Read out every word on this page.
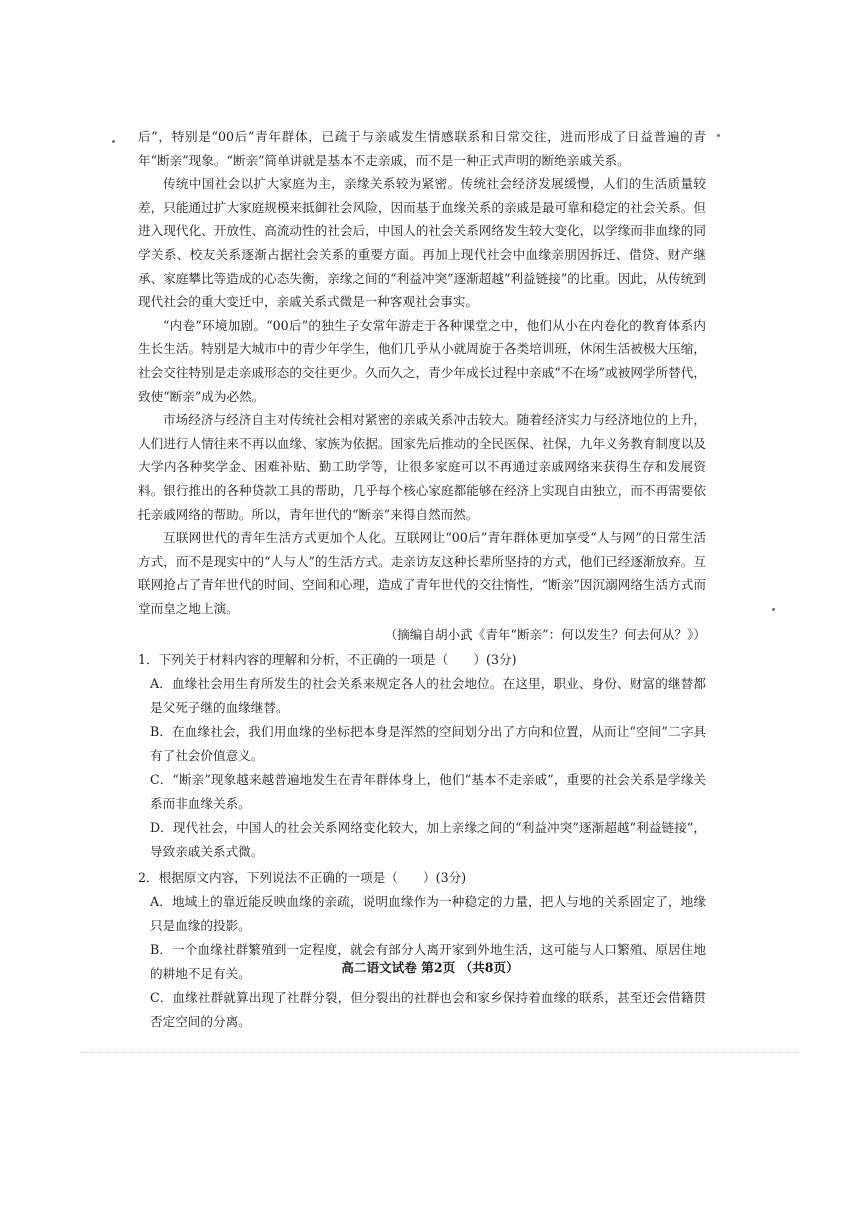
后”，特别是“00后”青年群体，已疏于与亲戚发生情感联系和日常交往，进而形成了日益普遍的青年“断亲”现象。“断亲”简单讲就是基本不走亲戚，而不是一种正式声明的断绝亲戚关系。

传统中国社会以扩大家庭为主，亲缘关系较为紧密。传统社会经济发展缓慢，人们的生活质量较差，只能通过扩大家庭规模来抵御社会风险，因而基于血缘关系的亲戚是最可靠和稳定的社会关系。但进入现代化、开放性、高流动性的社会后，中国人的社会关系网络发生较大变化，以学缘而非血缘的同学关系、校友关系逐渐占据社会关系的重要方面。再加上现代社会中血缘亲朋因拆迁、借贷、财产继承、家庭攀比等造成的心态失衡，亲缘之间的“利益冲突”逐渐超越“利益链接”的比重。因此，从传统到现代社会的重大变迁中，亲戚关系式微是一种客观社会事实。

“内卷”环境加剧。“00后”的独生子女常年游走于各种课堂之中，他们从小在内卷化的教育体系内生长生活。特别是大城市中的青少年学生，他们几乎从小就周旋于各类培训班，休闲生活被极大压缩，社会交往特别是走亲戚形态的交往更少。久而久之，青少年成长过程中亲戚“不在场”或被网学所替代，致使“断亲”成为必然。

市场经济与经济自主对传统社会相对紧密的亲戚关系冲击较大。随着经济实力与经济地位的上升，人们进行人情往来不再以血缘、家族为依据。国家先后推动的全民医保、社保，九年义务教育制度以及大学内各种奖学金、困难补贴、勤工助学等，让很多家庭可以不再通过亲戚网络来获得生存和发展资料。银行推出的各种贷款工具的帮助，几乎每个核心家庭都能够在经济上实现自由独立，而不再需要依托亲戚网络的帮助。所以，青年世代的“断亲”来得自然而然。

互联网世代的青年生活方式更加个人化。互联网让“00后”青年群体更加享受“人与网”的日常生活方式，而不是现实中的“人与人”的生活方式。走亲访友这种长辈所坚持的方式，他们已经逐渐放弃。互联网抢占了青年世代的时间、空间和心理，造成了青年世代的交往惰性，“断亲”因沉溺网络生活方式而堂而皇之地上演。

（摘编自胡小武《青年“断亲”：何以发生？何去何从？》）

1．下列关于材料内容的理解和分析，不正确的一项是（　　）(3分)

A．血缘社会用生育所发生的社会关系来规定各人的社会地位。在这里，职业、身份、财富的继替都是父死子继的血缘继替。

B．在血缘社会，我们用血缘的坐标把本身是浑然的空间划分出了方向和位置，从而让“空间”二字具有了社会价值意义。

C．“断亲”现象越来越普遍地发生在青年群体身上，他们“基本不走亲戚”，重要的社会关系是学缘关系而非血缘关系。

D．现代社会，中国人的社会关系网络变化较大，加上亲缘之间的“利益冲突”逐渐超越“利益链接”，导致亲戚关系式微。

2．根据原文内容，下列说法不正确的一项是（　　）(3分)

A．地域上的靠近能反映血缘的亲疏，说明血缘作为一种稳定的力量，把人与地的关系固定了，地缘只是血缘的投影。

B．一个血缘社群繁殖到一定程度，就会有部分人离开家到外地生活，这可能与人口繁殖、原居住地的耕地不足有关。

C．血缘社群就算出现了社群分裂，但分裂出的社群也会和家乡保持着血缘的联系，甚至还会借籍贯否定空间的分离。

高二语文试卷 第2页 （共8页）
